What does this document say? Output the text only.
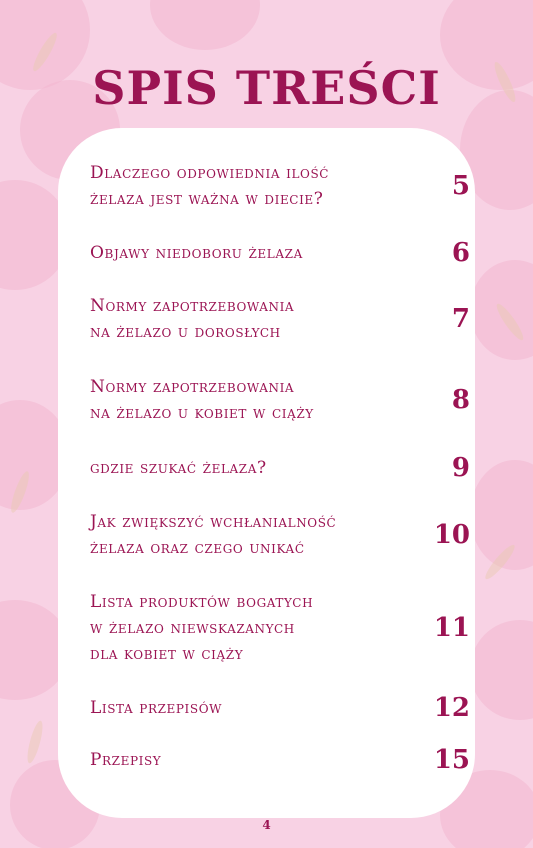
SPIS TREŚCI
Dlaczego odpowiednia ilość
żelaza jest ważna w diecie?	5
Objawy niedoboru żelaza	6
Normy zapotrzebowania
na żelazo u dorosłych	7
Normy zapotrzebowania
na żelazo u kobiet w ciąży	8
gdzie szukać żelaza?	9
Jak zwiększyć wchłanialność
żelaza oraz czego unikać	10
Lista produktów bogatych
w żelazo niewskazanych
dla kobiet w ciąży
11
Lista przepisów	12
Przepisy	15
4
